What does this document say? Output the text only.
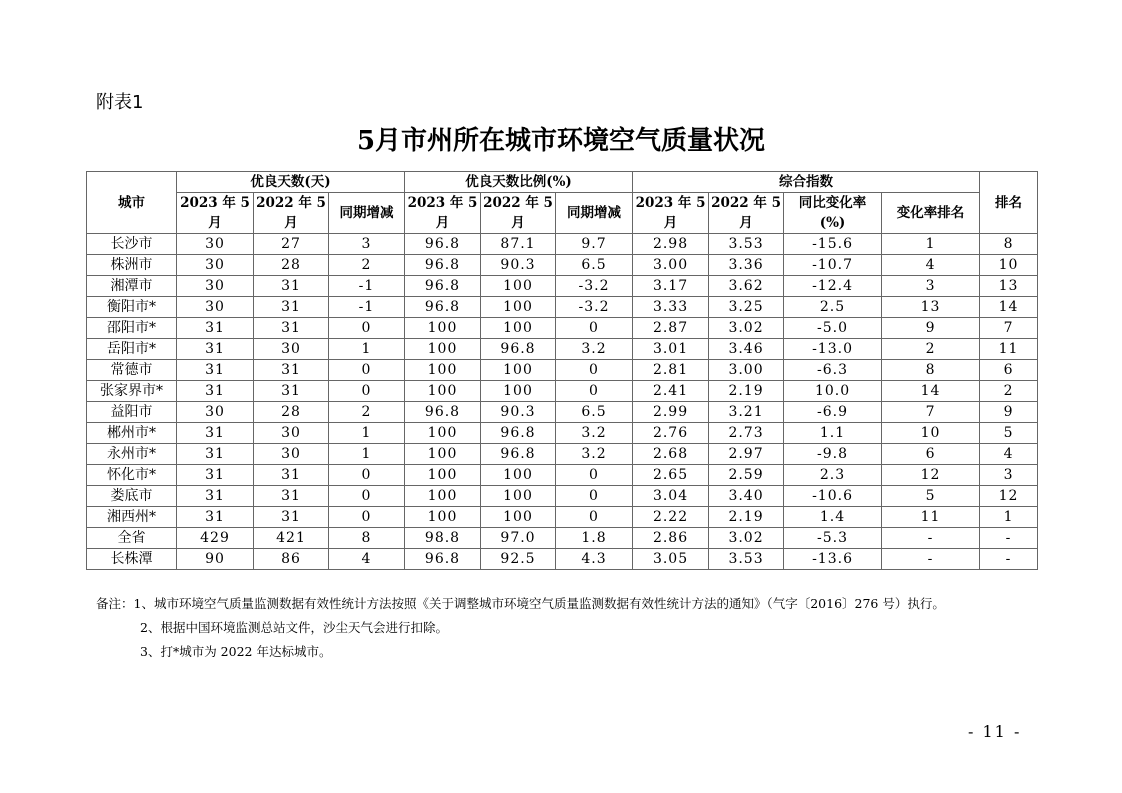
附表1
5月市州所在城市环境空气质量状况
城市	优良天数(天)			优良天数比例(%)			综合指数				排名
	2023 年 5 月	2022 年 5 月	同期增减	2023 年 5 月	2022 年 5 月	同期增减	2023 年 5 月	2022 年 5 月	同比变化率 (%)	变化率排名	
长沙市	30	27	3	96.8	87.1	9.7	2.98	3.53	-15.6	1	8
株洲市	30	28	2	96.8	90.3	6.5	3.00	3.36	-10.7	4	10
湘潭市	30	31	-1	96.8	100	-3.2	3.17	3.62	-12.4	3	13
衡阳市*	30	31	-1	96.8	100	-3.2	3.33	3.25	2.5	13	14
邵阳市*	31	31	0	100	100	0	2.87	3.02	-5.0	9	7
岳阳市*	31	30	1	100	96.8	3.2	3.01	3.46	-13.0	2	11
常德市	31	31	0	100	100	0	2.81	3.00	-6.3	8	6
张家界市*	31	31	0	100	100	0	2.41	2.19	10.0	14	2
益阳市	30	28	2	96.8	90.3	6.5	2.99	3.21	-6.9	7	9
郴州市*	31	30	1	100	96.8	3.2	2.76	2.73	1.1	10	5
永州市*	31	30	1	100	96.8	3.2	2.68	2.97	-9.8	6	4
怀化市*	31	31	0	100	100	0	2.65	2.59	2.3	12	3
娄底市	31	31	0	100	100	0	3.04	3.40	-10.6	5	12
湘西州*	31	31	0	100	100	0	2.22	2.19	1.4	11	1
全省	429	421	8	98.8	97.0	1.8	2.86	3.02	-5.3	-	-
长株潭	90	86	4	96.8	92.5	4.3	3.05	3.53	-13.6	-	-
备注：1、城市环境空气质量监测数据有效性统计方法按照《关于调整城市环境空气质量监测数据有效性统计方法的通知》（气字〔2016〕276 号）执行。
2、根据中国环境监测总站文件，沙尘天气会进行扣除。
3、打*城市为 2022 年达标城市。
- 11 -
